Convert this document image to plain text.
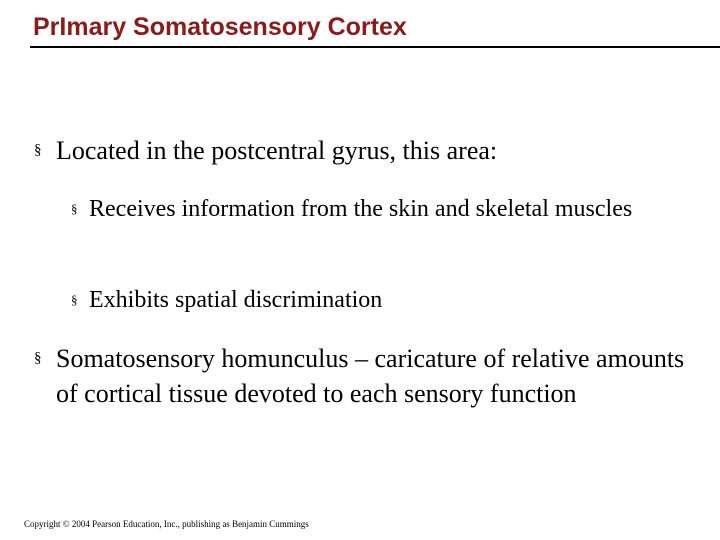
PrImary Somatosensory Cortex
§ Located in the postcentral gyrus, this area:
§ Receives information from the skin and skeletal muscles
§ Exhibits spatial discrimination
§ Somatosensory homunculus – caricature of relative amounts of cortical tissue devoted to each sensory function
Copyright © 2004 Pearson Education, Inc., publishing as Benjamin Cummings
